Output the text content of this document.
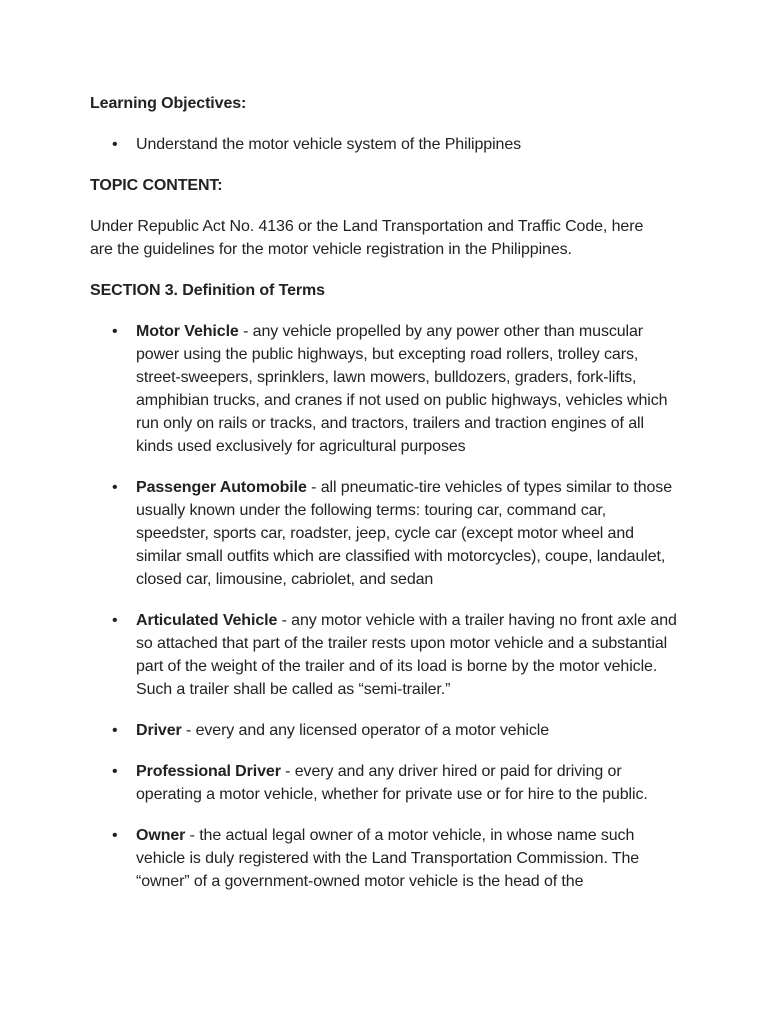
Learning Objectives:

• Understand the motor vehicle system of the Philippines

TOPIC CONTENT:

Under Republic Act No. 4136 or the Land Transportation and Traffic Code, here are the guidelines for the motor vehicle registration in the Philippines.

SECTION 3. Definition of Terms

• Motor Vehicle - any vehicle propelled by any power other than muscular power using the public highways, but excepting road rollers, trolley cars, street-sweepers, sprinklers, lawn mowers, bulldozers, graders, fork-lifts, amphibian trucks, and cranes if not used on public highways, vehicles which run only on rails or tracks, and tractors, trailers and traction engines of all kinds used exclusively for agricultural purposes
• Passenger Automobile - all pneumatic-tire vehicles of types similar to those usually known under the following terms: touring car, command car, speedster, sports car, roadster, jeep, cycle car (except motor wheel and similar small outfits which are classified with motorcycles), coupe, landaulet, closed car, limousine, cabriolet, and sedan
• Articulated Vehicle - any motor vehicle with a trailer having no front axle and so attached that part of the trailer rests upon motor vehicle and a substantial part of the weight of the trailer and of its load is borne by the motor vehicle. Such a trailer shall be called as “semi-trailer.”
• Driver - every and any licensed operator of a motor vehicle
• Professional Driver - every and any driver hired or paid for driving or operating a motor vehicle, whether for private use or for hire to the public.
• Owner - the actual legal owner of a motor vehicle, in whose name such vehicle is duly registered with the Land Transportation Commission. The “owner” of a government-owned motor vehicle is the head of the
